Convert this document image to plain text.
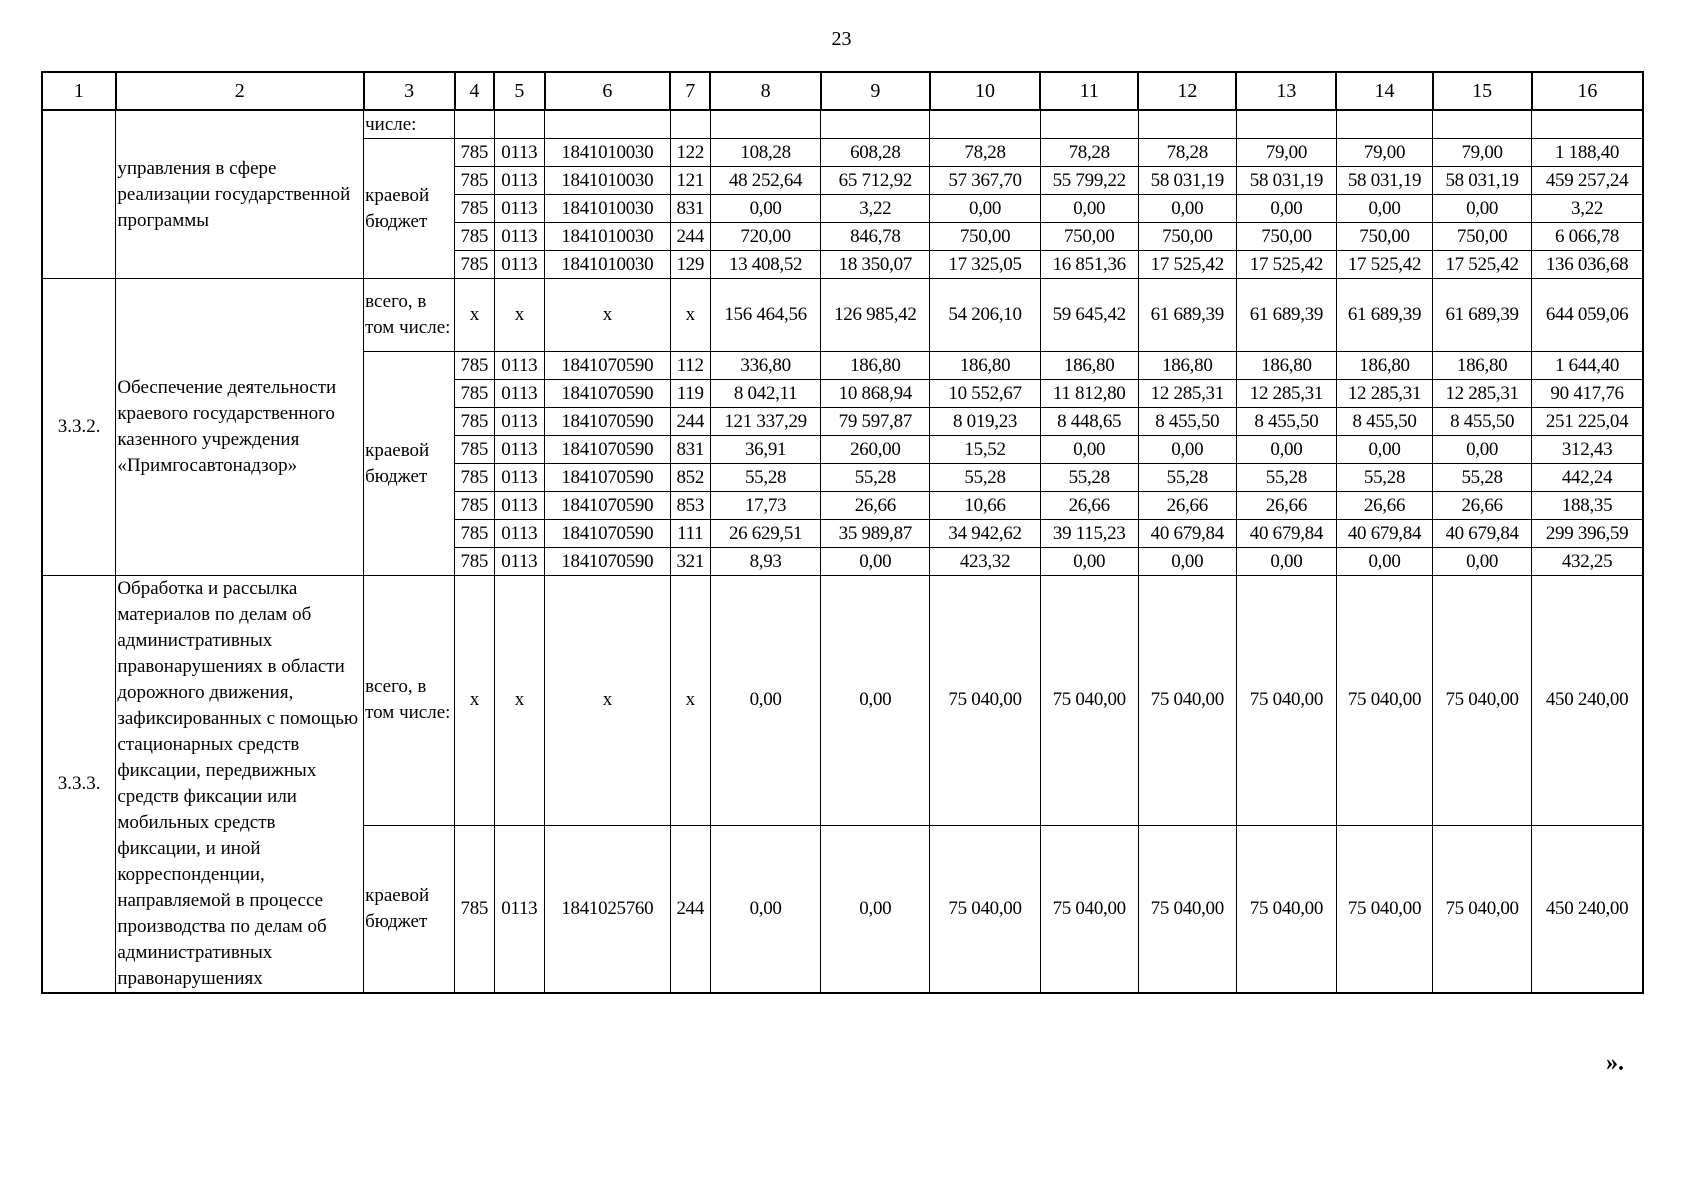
23
1	2	3	4	5	6	7	8	9	10	11	12	13	14	15	16
	управления в сфере реализации государственной программы	числе:													
		краевой бюджет	785	0113	1841010030	122	108,28	608,28	78,28	78,28	78,28	79,00	79,00	79,00	1 188,40
			785	0113	1841010030	121	48 252,64	65 712,92	57 367,70	55 799,22	58 031,19	58 031,19	58 031,19	58 031,19	459 257,24
			785	0113	1841010030	831	0,00	3,22	0,00	0,00	0,00	0,00	0,00	0,00	3,22
			785	0113	1841010030	244	720,00	846,78	750,00	750,00	750,00	750,00	750,00	750,00	6 066,78
			785	0113	1841010030	129	13 408,52	18 350,07	17 325,05	16 851,36	17 525,42	17 525,42	17 525,42	17 525,42	136 036,68
3.3.2.	Обеспечение деятельности краевого государственного казенного учреждения «Примгосавтонадзор»	всего, в том числе:	x	x	x	x	156 464,56	126 985,42	54 206,10	59 645,42	61 689,39	61 689,39	61 689,39	61 689,39	644 059,06
		краевой бюджет	785	0113	1841070590	112	336,80	186,80	186,80	186,80	186,80	186,80	186,80	186,80	1 644,40
			785	0113	1841070590	119	8 042,11	10 868,94	10 552,67	11 812,80	12 285,31	12 285,31	12 285,31	12 285,31	90 417,76
			785	0113	1841070590	244	121 337,29	79 597,87	8 019,23	8 448,65	8 455,50	8 455,50	8 455,50	8 455,50	251 225,04
			785	0113	1841070590	831	36,91	260,00	15,52	0,00	0,00	0,00	0,00	0,00	312,43
			785	0113	1841070590	852	55,28	55,28	55,28	55,28	55,28	55,28	55,28	55,28	442,24
			785	0113	1841070590	853	17,73	26,66	10,66	26,66	26,66	26,66	26,66	26,66	188,35
			785	0113	1841070590	111	26 629,51	35 989,87	34 942,62	39 115,23	40 679,84	40 679,84	40 679,84	40 679,84	299 396,59
			785	0113	1841070590	321	8,93	0,00	423,32	0,00	0,00	0,00	0,00	0,00	432,25
3.3.3.	Обработка и рассылка материалов по делам об административных правонарушениях в области дорожного движения, зафиксированных с помощью стационарных средств фиксации, передвижных средств фиксации или мобильных средств фиксации, и иной корреспонденции, направляемой в процессе производства по делам об административных правонарушениях	всего, в том числе:	x	x	x	x	0,00	0,00	75 040,00	75 040,00	75 040,00	75 040,00	75 040,00	75 040,00	450 240,00
		краевой бюджет	785	0113	1841025760	244	0,00	0,00	75 040,00	75 040,00	75 040,00	75 040,00	75 040,00	75 040,00	450 240,00
».
